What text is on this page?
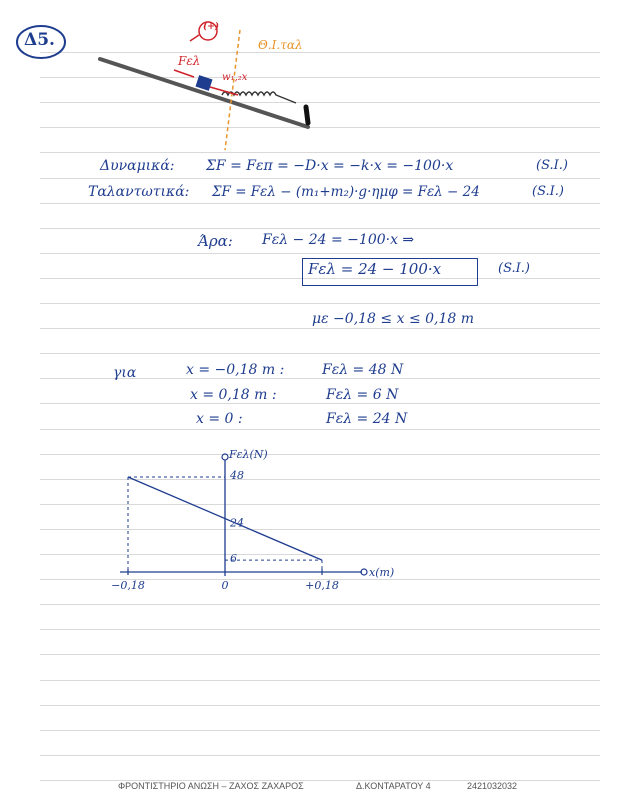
Δ5.
(+)
Θ.Ι.ταλ
Fελ
w₁,₂x
Δυναμικά: ΣF = Fεπ = −D·x = −k·x = −100·x	(S.I.)
Ταλαντωτικά: ΣF = Fελ − (m₁+m₂)·g·ημφ = Fελ − 24	(S.I.)
Άρα: Fελ − 24 = −100·x ⇒
Fελ = 24 − 100·x	(S.I.)
με −0,18 ≤ x ≤ 0,18 m
για	x = −0,18 m :	Fελ = 48 N
x = 0,18 m :	Fελ = 6 N
x = 0 :	Fελ = 24 N
x(m)
Fελ(N)
−0,18	0	+0,18
48
24
6
ΦΡΟΝΤΙΣΤΗΡΙΟ ΑΝΩΣΗ – ΖΑΧΟΣ ΖΑΧΑΡΟΣ	Δ.ΚΟΝΤΑΡΑΤΟΥ 4	2421032032
